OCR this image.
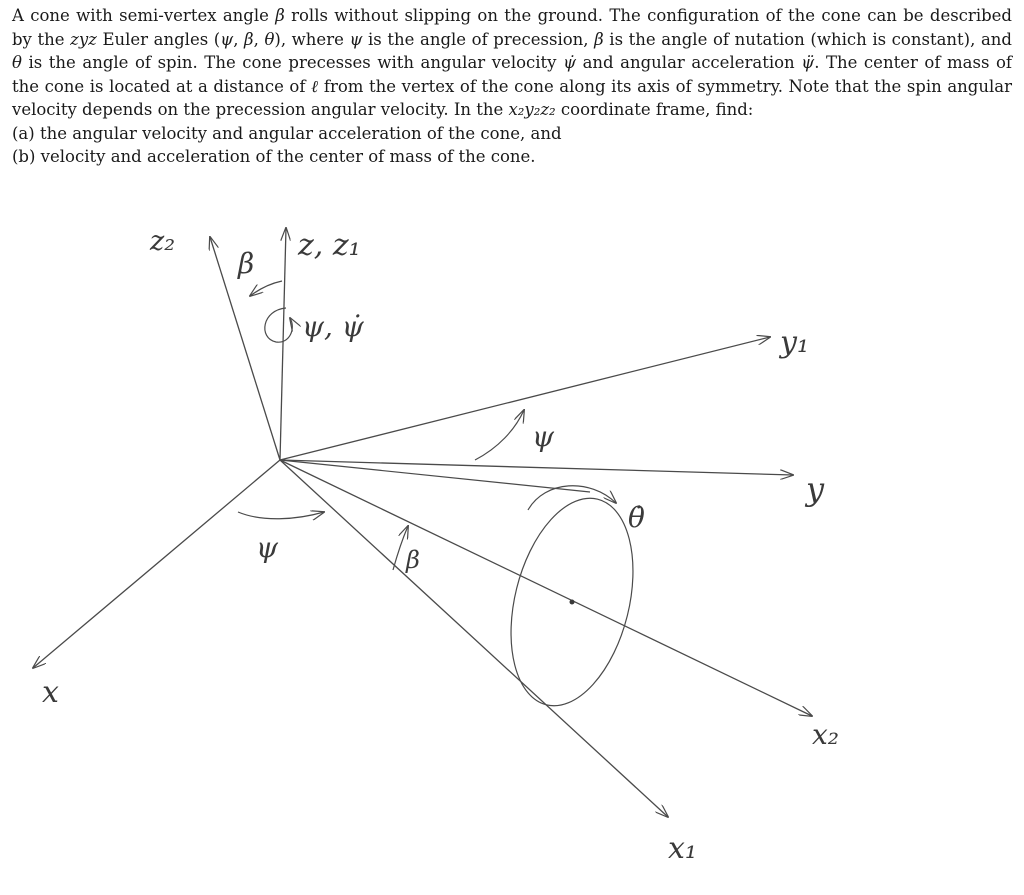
A cone with semi-vertex angle β rolls without slipping on the ground. The configuration of the cone can be described by the zyz Euler angles (ψ, β, θ), where ψ is the angle of precession, β is the angle of nutation (which is constant), and θ is the angle of spin. The cone precesses with angular velocity ψ̇ and angular acceleration ψ̈. The center of mass of the cone is located at a distance of ℓ from the vertex of the cone along its axis of symmetry. Note that the spin angular velocity depends on the precession angular velocity. In the x₂y₂z₂ coordinate frame, find:

(a) the angular velocity and angular acceleration of the cone, and

(b) velocity and acceleration of the center of mass of the cone.

z₂
β
z, z₁
ψ, ψ̇	y₁
ψ
y
θ̇
ψ	β
x
x₂
x₁
